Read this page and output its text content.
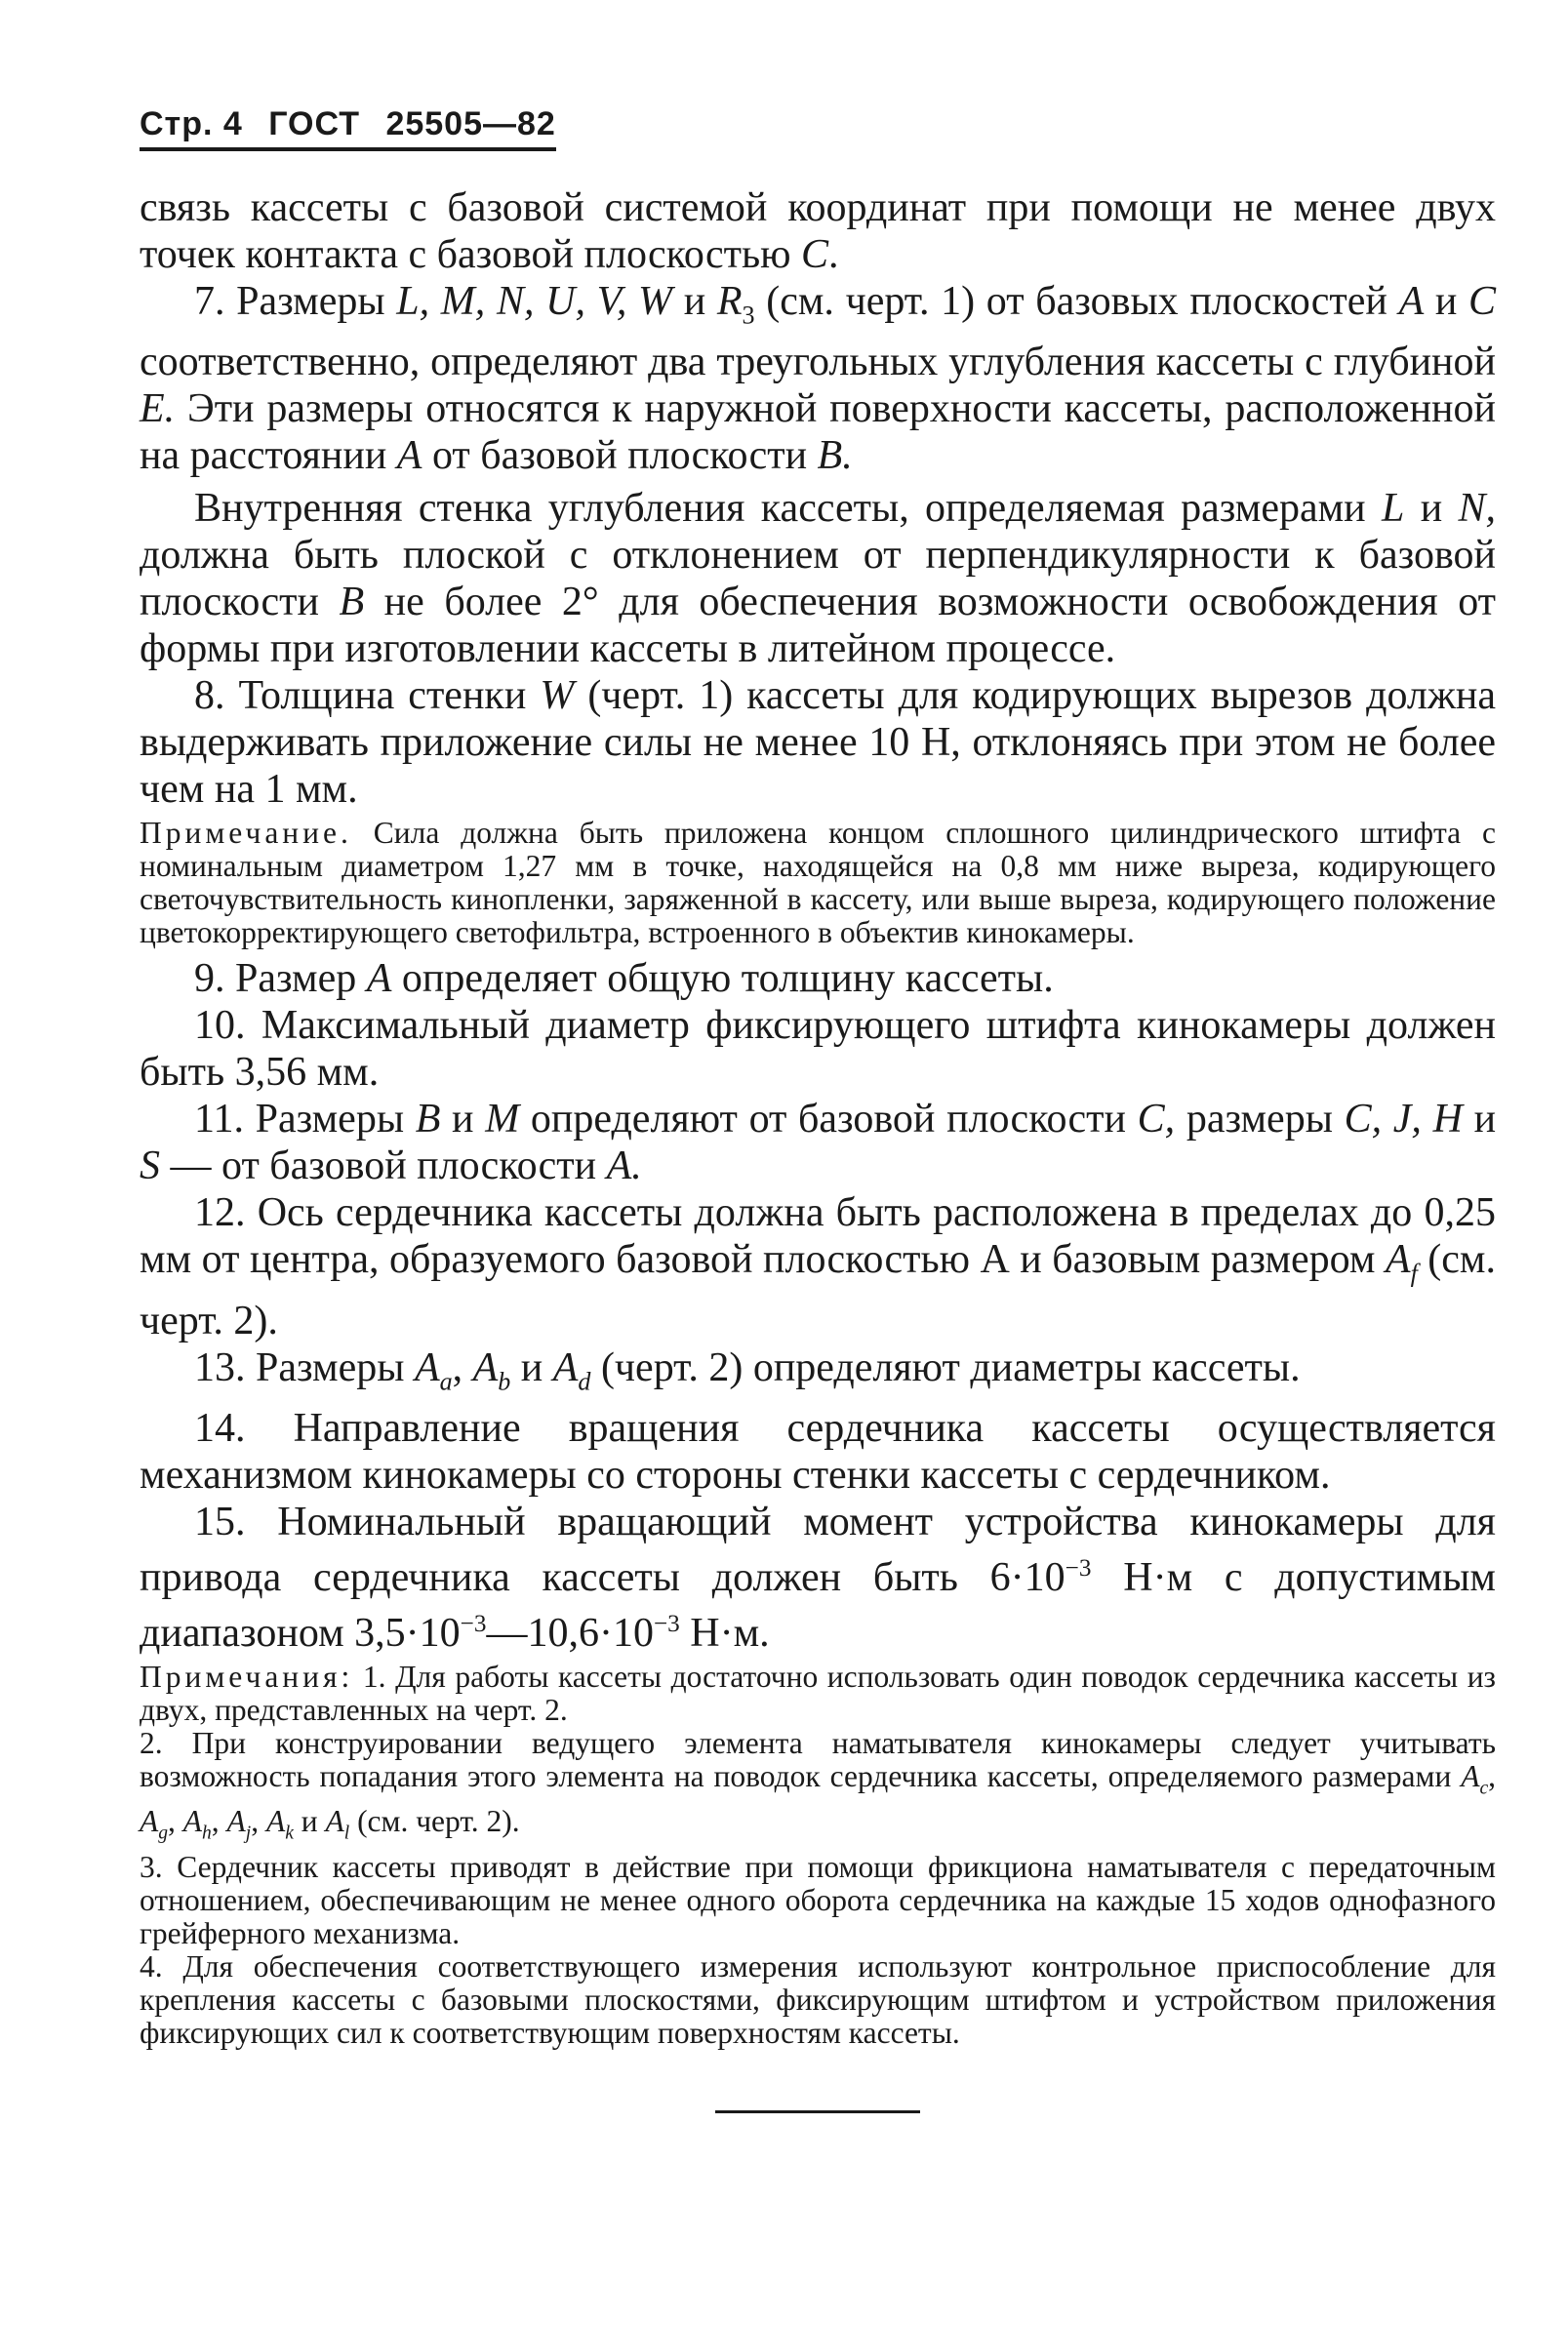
Стр. 4 ГОСТ 25505—82

связь кассеты с базовой системой координат при помощи не менее двух точек контакта с базовой плоскостью C.

7. Размеры L, M, N, U, V, W и $R_3$ (см. черт. 1) от базовых плоскостей A и C соответственно, определяют два треугольных углубления кассеты с глубиной E. Эти размеры относятся к наружной поверхности кассеты, расположенной на расстоянии A от базовой плоскости B.

Внутренняя стенка углубления кассеты, определяемая размерами L и N, должна быть плоской с отклонением от перпендикулярности к базовой плоскости B не более 2° для обеспечения возможности освобождения от формы при изготовлении кассеты в литейном процессе.

8. Толщина стенки W (черт. 1) кассеты для кодирующих вырезов должна выдерживать приложение силы не менее 10 Н, отклоняясь при этом не более чем на 1 мм.

Примечание. Сила должна быть приложена концом сплошного цилиндрического штифта с номинальным диаметром 1,27 мм в точке, находящейся на 0,8 мм ниже выреза, кодирующего светочувствительность кинопленки, заряженной в кассету, или выше выреза, кодирующего положение цветокорректирующего светофильтра, встроенного в объектив кинокамеры.

9. Размер A определяет общую толщину кассеты.

10. Максимальный диаметр фиксирующего штифта кинокамеры должен быть 3,56 мм.

11. Размеры B и M определяют от базовой плоскости C, размеры C, J, H и S — от базовой плоскости A.

12. Ось сердечника кассеты должна быть расположена в пределах до 0,25 мм от центра, образуемого базовой плоскостью А и базовым размером $A_f$ (см. черт. 2).

13. Размеры $A_a$, $A_b$ и $A_d$ (черт. 2) определяют диаметры кассеты.

14. Направление вращения сердечника кассеты осуществляется механизмом кинокамеры со стороны стенки кассеты с сердечником.

15. Номинальный вращающий момент устройства кинокамеры для привода сердечника кассеты должен быть $6\cdot 10^{-3}$ Н·м с допустимым диапазоном $3,5\cdot 10^{-3}—10,6\cdot 10^{-3}$ Н·м.

Примечания: 1. Для работы кассеты достаточно использовать один поводок сердечника кассеты из двух, представленных на черт. 2.

2. При конструировании ведущего элемента наматывателя кинокамеры следует учитывать возможность попадания этого элемента на поводок сердечника кассеты, определяемого размерами $A_c$, $A_g$, $A_h$, $A_j$, $A_k$ и $A_l$ (см. черт. 2).

3. Сердечник кассеты приводят в действие при помощи фрикциона наматывателя с передаточным отношением, обеспечивающим не менее одного оборота сердечника на каждые 15 ходов однофазного грейферного механизма.

4. Для обеспечения соответствующего измерения используют контрольное приспособление для крепления кассеты с базовыми плоскостями, фиксирующим штифтом и устройством приложения фиксирующих сил к соответствующим поверхностям кассеты.
